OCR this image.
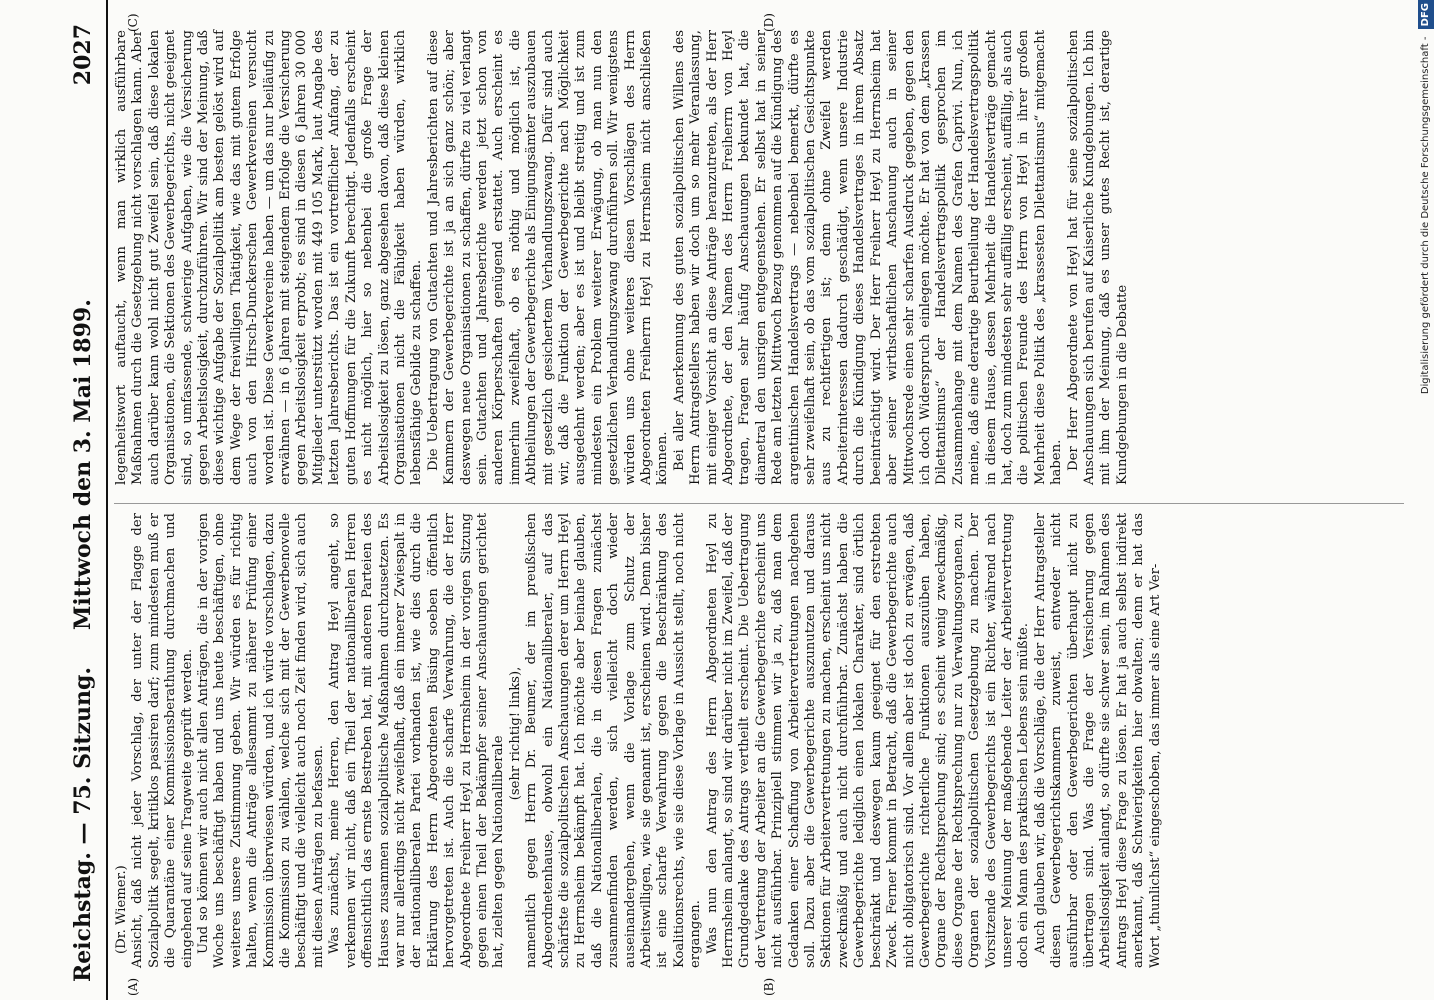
Reichstag. — 75. Sitzung.
Mittwoch den 3. Mai 1899.
2027
(A)	(B)
(C)	(D)

(Dr. Wiemer.) Ansicht, daß nicht jeder Vorschlag, der unter der Flagge der Sozialpolitik segelt, kritiklos passiren darf; zum mindesten muß er die Quarantäne einer Kommissionsberathung durchmachen und eingehend auf seine Tragweite geprüft werden. Und so können wir auch nicht allen Anträgen, die in der vorigen Woche uns beschäftigt haben und uns heute beschäftigen, ohne weiteres unsere Zustimmung geben. Wir würden es für richtig halten, wenn die Anträge allesammt zu näherer Prüfung einer Kommission überwiesen würden, und ich würde vorschlagen, dazu die Kommission zu wählen, welche sich mit der Gewerbenovelle beschäftigt und die vielleicht auch noch Zeit finden wird, sich auch mit diesen Anträgen zu befassen. Was zunächst, meine Herren, den Antrag Heyl angeht, so verkennen wir nicht, daß ein Theil der nationalliberalen Herren offensichtlich das ernste Bestreben hat, mit anderen Parteien des Hauses zusammen sozialpolitische Maßnahmen durchzusetzen. Es war nur allerdings nicht zweifelhaft, daß ein innerer Zwiespalt in der nationalliberalen Partei vorhanden ist, wie dies durch die Erklärung des Herrn Abgeordneten Büsing soeben öffentlich hervorgetreten ist. Auch die scharfe Verwahrung, die der Herr Abgeordnete Freiherr Heyl zu Herrnsheim in der vorigen Sitzung gegen einen Theil der Bekämpfer seiner Anschauungen gerichtet hat, zielten gegen Nationalliberale

(sehr richtig! links), namentlich gegen Herrn Dr. Beumer, der im preußischen Abgeordnetenhause, obwohl ein Nationalliberaler, auf das schärfste die sozialpolitischen Anschauungen derer um Herrn Heyl zu Herrnsheim bekämpft hat. Ich möchte aber beinahe glauben, daß die Nationalliberalen, die in diesen Fragen zunächst zusammenfinden werden, sich vielleicht doch wieder auseinandergehen, wenn die Vorlage zum Schutz der Arbeitswilligen, wie sie genannt ist, erscheinen wird. Denn bisher ist eine scharfe Verwahrung gegen die Beschränkung des Koalitionsrechts, wie sie diese Vorlage in Aussicht stellt, noch nicht ergangen. Was nun den Antrag des Herrn Abgeordneten Heyl zu Herrnsheim anlangt, so sind wir darüber nicht im Zweifel, daß der Grundgedanke des Antrags vertheilt erscheint. Die Uebertragung der Vertretung der Arbeiter an die Gewerbegerichte erscheint uns nicht ausführbar. Prinzipiell stimmen wir ja zu, daß man dem Gedanken einer Schaffung von Arbeitervertretungen nachgehen soll. Dazu aber die Gewerbegerichte auszunutzen und daraus Sektionen für Arbeitervertretungen zu machen, erscheint uns nicht zweckmäßig und auch nicht durchführbar. Zunächst haben die Gewerbegerichte lediglich einen lokalen Charakter, sind örtlich beschränkt und deswegen kaum geeignet für den erstrebten Zweck. Ferner kommt in Betracht, daß die Gewerbegerichte auch nicht obligatorisch sind. Vor allem aber ist doch zu erwägen, daß Gewerbegerichte richterliche Funktionen auszuüben haben, Organe der Rechtsprechung sind; es scheint wenig zweckmäßig, diese Organe der Rechtsprechung nur zu Verwaltungsorganen, zu Organen der sozialpolitischen Gesetzgebung zu machen. Der Vorsitzende des Gewerbegerichts ist ein Richter, während nach unserer Meinung der maßgebende Leiter der Arbeitervertretung doch ein Mann des praktischen Lebens sein müßte. Auch glauben wir, daß die Vorschläge, die der Herr Antragsteller diesen Gewerbegerichtskammern zuweist, entweder nicht ausführbar oder den Gewerbegerichten überhaupt nicht zu übertragen sind. Was die Frage der Versicherung gegen Arbeitslosigkeit anlangt, so dürfte sie schwer sein, im Rahmen des Antrags Heyl diese Frage zu lösen. Er hat ja auch selbst indirekt anerkannt, daß Schwierigkeiten hier obwalten; denn er hat das Wort „thunlichst“ eingeschoben, das immer als eine Art Ver-

legenheitswort auftaucht, wenn man wirklich ausführbare Maßnahmen durch die Gesetzgebung nicht vorschlagen kann. Aber auch darüber kann wohl nicht gut Zweifel sein, daß diese lokalen Organisationen, die Sektionen des Gewerbegerichts, nicht geeignet sind, so umfassende, schwierige Aufgaben, wie die Versicherung gegen Arbeitslosigkeit, durchzuführen. Wir sind der Meinung, daß diese wichtige Aufgabe der Sozialpolitik am besten gelöst wird auf dem Wege der freiwilligen Thätigkeit, wie das mit gutem Erfolge auch von den Hirsch-Dunckerschen Gewerkvereinen versucht worden ist. Diese Gewerkvereine haben — um das nur beiläufig zu erwähnen — in 6 Jahren mit steigendem Erfolge die Versicherung gegen Arbeitslosigkeit erprobt; es sind in diesen 6 Jahren 30 000 Mitglieder unterstützt worden mit 449 105 Mark, laut Angabe des letzten Jahresberichts. Das ist ein vortrefflicher Anfang, der zu guten Hoffnungen für die Zukunft berechtigt. Jedenfalls erscheint es nicht möglich, hier so nebenbei die große Frage der Arbeitslosigkeit zu lösen, ganz abgesehen davon, daß diese kleinen Organisationen nicht die Fähigkeit haben würden, wirklich lebensfähige Gebilde zu schaffen. Die Uebertragung von Gutachten und Jahresberichten auf diese Kammern der Gewerbegerichte ist ja an sich ganz schön; aber deswegen neue Organisationen zu schaffen, dürfte zu viel verlangt sein. Gutachten und Jahresberichte werden jetzt schon von anderen Körperschaften genügend erstattet. Auch erscheint es immerhin zweifelhaft, ob es nöthig und möglich ist, die Abtheilungen der Gewerbegerichte als Einigungsämter auszubauen mit gesetzlich gesichertem Verhandlungszwang. Dafür sind auch wir, daß die Funktion der Gewerbegerichte nach Möglichkeit ausgedehnt werden; aber es ist und bleibt streitig und ist zum mindesten ein Problem weiterer Erwägung, ob man nun den gesetzlichen Verhandlungszwang durchführen soll. Wir wenigstens würden uns ohne weiteres diesen Vorschlägen des Herrn Abgeordneten Freiherrn Heyl zu Herrnsheim nicht anschließen können. Bei aller Anerkennung des guten sozialpolitischen Willens des Herrn Antragstellers haben wir doch um so mehr Veranlassung, mit einiger Vorsicht an diese Anträge heranzutreten, als der Herr Abgeordnete, der den Namen des Herrn Freiherrn von Heyl tragen, Fragen sehr häufig Anschauungen bekundet hat, die diametral den unsrigen entgegenstehen. Er selbst hat in seiner Rede am letzten Mittwoch Bezug genommen auf die Kündigung des argentinischen Handelsvertrags — nebenbei bemerkt, dürfte es sehr zweifelhaft sein, ob das vom sozialpolitischen Gesichtspunkte aus zu rechtfertigen ist; denn ohne Zweifel werden Arbeiterinteressen dadurch geschädigt, wenn unsere Industrie durch die Kündigung dieses Handelsvertrages in ihrem Absatz beeinträchtigt wird. Der Herr Freiherr Heyl zu Herrnsheim hat aber seiner wirthschaftlichen Anschauung auch in seiner Mittwochsrede einen sehr scharfen Ausdruck gegeben, gegen den ich doch Widerspruch einlegen möchte. Er hat von dem „krassen Dilettantismus“ der Handelsvertragspolitik gesprochen im Zusammenhange mit dem Namen des Grafen Caprivi. Nun, ich meine, daß eine derartige Beurtheilung der Handelsvertragspolitik in diesem Hause, dessen Mehrheit die Handelsverträge gemacht hat, doch zum mindesten sehr auffällig erscheint, auffällig, als auch die politischen Freunde des Herrn von Heyl in ihrer großen Mehrheit diese Politik des „krassesten Dilettantismus“ mitgemacht haben. Der Herr Abgeordnete von Heyl hat für seine sozialpolitischen Anschauungen sich berufen auf Kaiserliche Kundgebungen. Ich bin mit ihm der Meinung, daß es unser gutes Recht ist, derartige Kundgebungen in die Debatte	Digitalisierung gefördert durch die Deutsche Forschungsgemeinschaft - DFG
